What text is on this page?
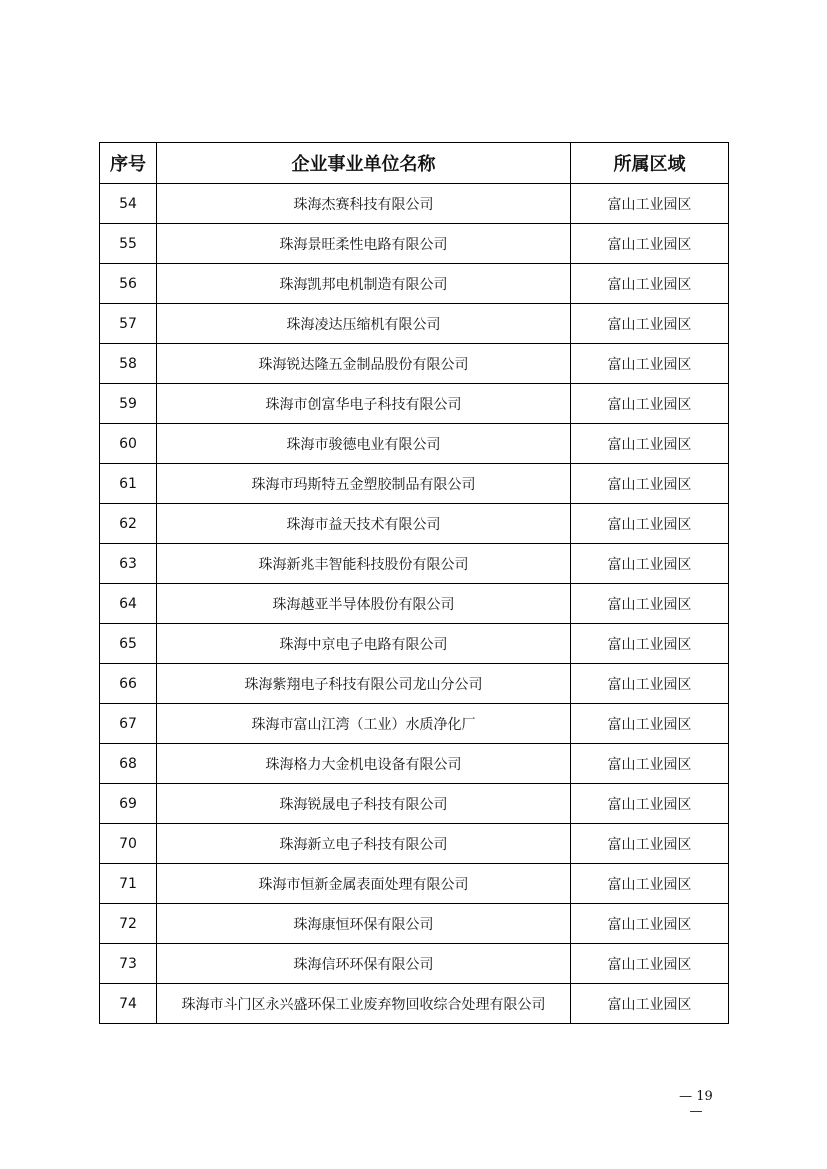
序号	企业事业单位名称	所属区域
54	珠海杰赛科技有限公司	富山工业园区
55	珠海景旺柔性电路有限公司	富山工业园区
56	珠海凯邦电机制造有限公司	富山工业园区
57	珠海凌达压缩机有限公司	富山工业园区
58	珠海锐达隆五金制品股份有限公司	富山工业园区
59	珠海市创富华电子科技有限公司	富山工业园区
60	珠海市骏德电业有限公司	富山工业园区
61	珠海市玛斯特五金塑胶制品有限公司	富山工业园区
62	珠海市益天技术有限公司	富山工业园区
63	珠海新兆丰智能科技股份有限公司	富山工业园区
64	珠海越亚半导体股份有限公司	富山工业园区
65	珠海中京电子电路有限公司	富山工业园区
66	珠海紫翔电子科技有限公司龙山分公司	富山工业园区
67	珠海市富山江湾（工业）水质净化厂	富山工业园区
68	珠海格力大金机电设备有限公司	富山工业园区
69	珠海锐晟电子科技有限公司	富山工业园区
70	珠海新立电子科技有限公司	富山工业园区
71	珠海市恒新金属表面处理有限公司	富山工业园区
72	珠海康恒环保有限公司	富山工业园区
73	珠海信环环保有限公司	富山工业园区
74	珠海市斗门区永兴盛环保工业废弃物回收综合处理有限公司	富山工业园区
— 19 —
